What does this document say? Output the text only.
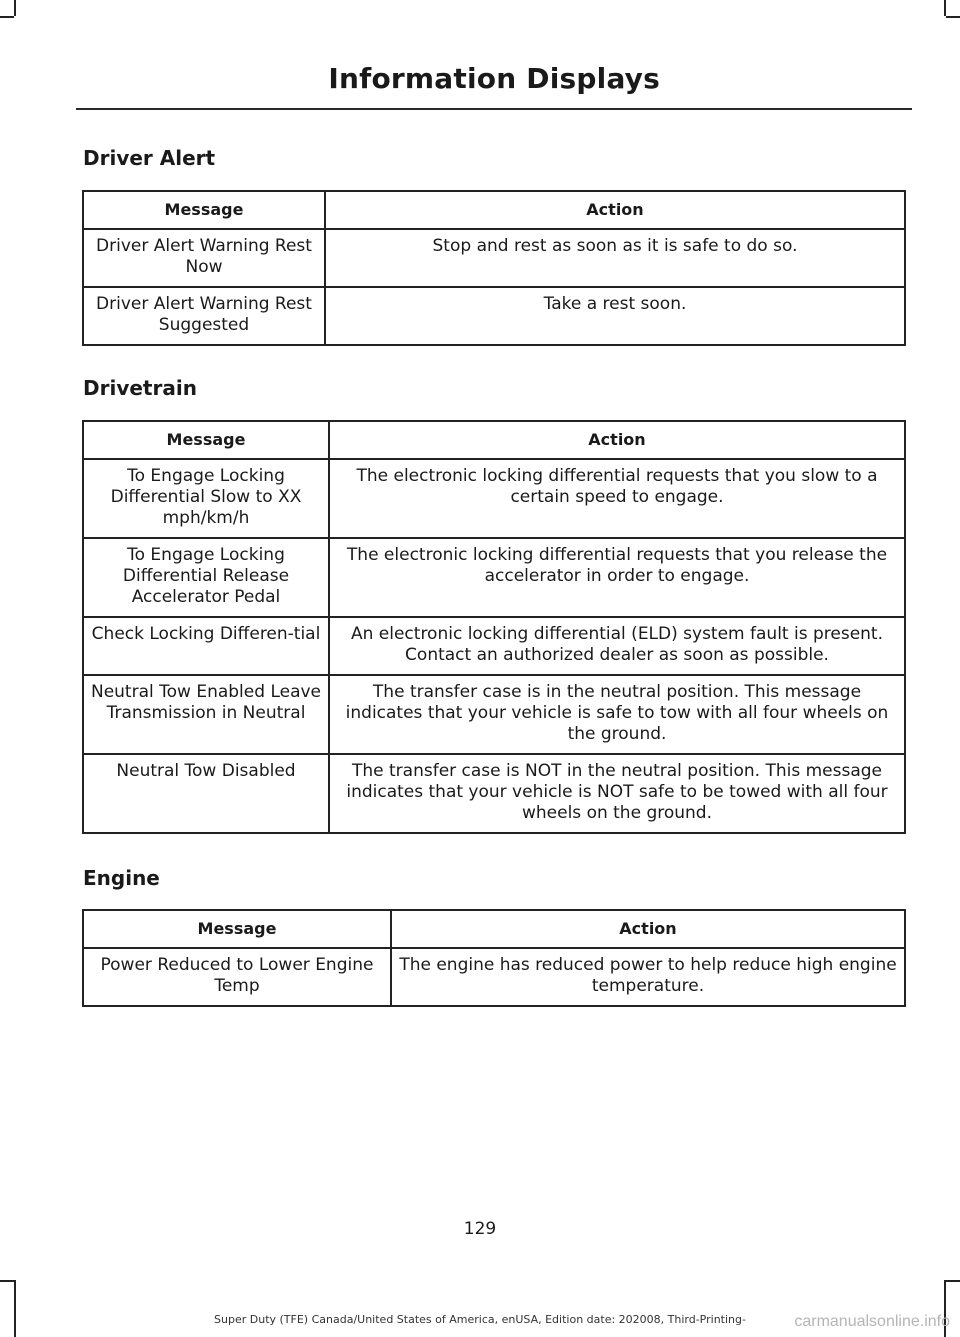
Information Displays
Driver Alert
Message	Action
Driver Alert Warning Rest Now	Stop and rest as soon as it is safe to do so.
Driver Alert Warning Rest Suggested	Take a rest soon.
Drivetrain
Message	Action
To Engage Locking Differential Slow to XX mph/km/h	The electronic locking differential requests that you slow to a certain speed to engage.
To Engage Locking Differential Release Accelerator Pedal	The electronic locking differential requests that you release the accelerator in order to engage.
Check Locking Differen-tial	An electronic locking differential (ELD) system fault is present. Contact an authorized dealer as soon as possible.
Neutral Tow Enabled Leave Transmission in Neutral	The transfer case is in the neutral position. This message indicates that your vehicle is safe to tow with all four wheels on the ground.
Neutral Tow Disabled	The transfer case is NOT in the neutral position. This message indicates that your vehicle is NOT safe to be towed with all four wheels on the ground.
Engine
Message	Action
Power Reduced to Lower Engine Temp	The engine has reduced power to help reduce high engine temperature.
129
Super Duty (TFE) Canada/United States of America, enUSA, Edition date: 202008, Third-Printing-	carmanualsonline.info
